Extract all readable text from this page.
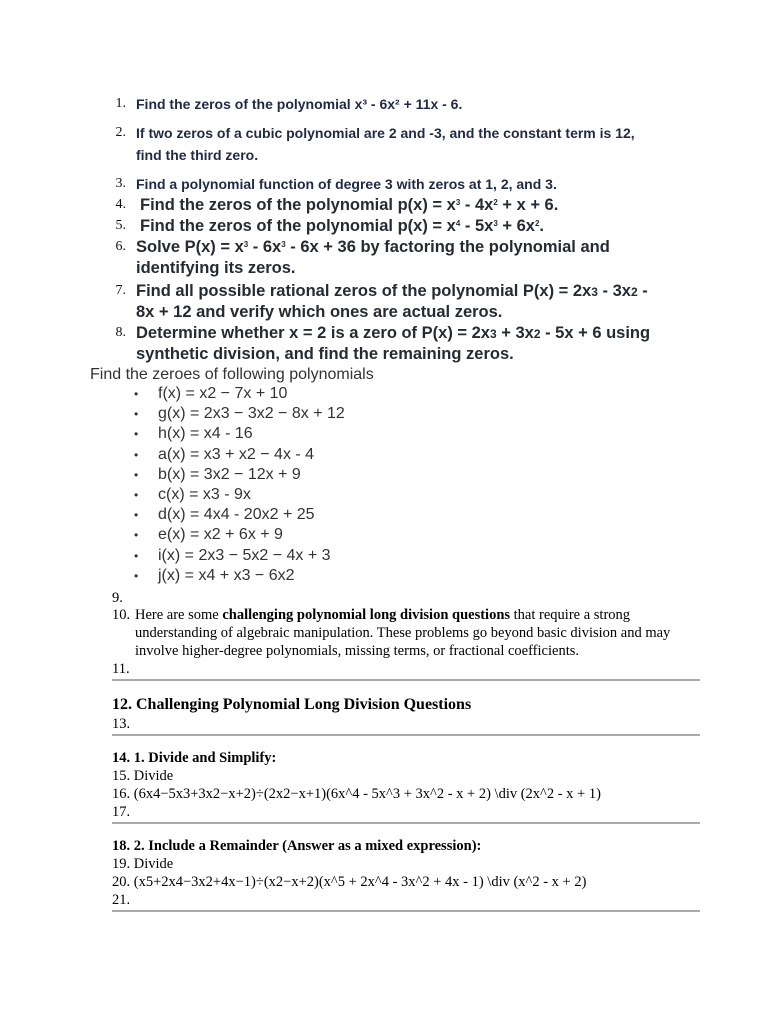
1. Find the zeros of the polynomial x³ - 6x² + 11x - 6.
2. If two zeros of a cubic polynomial are 2 and -3, and the constant term is 12,
find the third zero.
3. Find a polynomial function of degree 3 with zeros at 1, 2, and 3.
4. Find the zeros of the polynomial $p(x) = x^3 - 4x^2 + x + 6$.
5. Find the zeros of the polynomial $p(x) = x^4 - 5x^3 + 6x^2$.
6. Solve $P(x) = x^3 - 6x^3 - 6x + 36$ by factoring the polynomial and
identifying its zeros.
7. Find all possible rational zeros of the polynomial P(x) = 2x3 - 3x2 -
8x + 12 and verify which ones are actual zeros.
8. Determine whether x = 2 is a zero of P(x) = 2x3 + 3x2 - 5x + 6 using
synthetic division, and find the remaining zeros.
Find the zeroes of following polynomials
• f(x) = x2 − 7x + 10
• g(x) = 2x3 − 3x2 − 8x + 12
• h(x) = x4 - 16
• a(x) = x3 + x2 − 4x - 4
• b(x) = 3x2 − 12x + 9
• c(x) = x3 - 9x
• d(x) = 4x4 - 20x2 + 25
• e(x) = x2 + 6x + 9
• i(x) = 2x3 − 5x2 − 4x + 3
• j(x) = x4 + x3 − 6x2
9.
10. Here are some challenging polynomial long division questions that require a strong understanding of algebraic manipulation. These problems go beyond basic division and may involve higher-degree polynomials, missing terms, or fractional coefficients.
11.
12. Challenging Polynomial Long Division Questions
13.
14. 1. Divide and Simplify:
15. Divide
16. (6x4−5x3+3x2−x+2)÷(2x2−x+1)(6x^4 - 5x^3 + 3x^2 - x + 2) \div (2x^2 - x + 1)
17.
18. 2. Include a Remainder (Answer as a mixed expression):
19. Divide
20. (x5+2x4−3x2+4x−1)÷(x2−x+2)(x^5 + 2x^4 - 3x^2 + 4x - 1) \div (x^2 - x + 2)
21.
